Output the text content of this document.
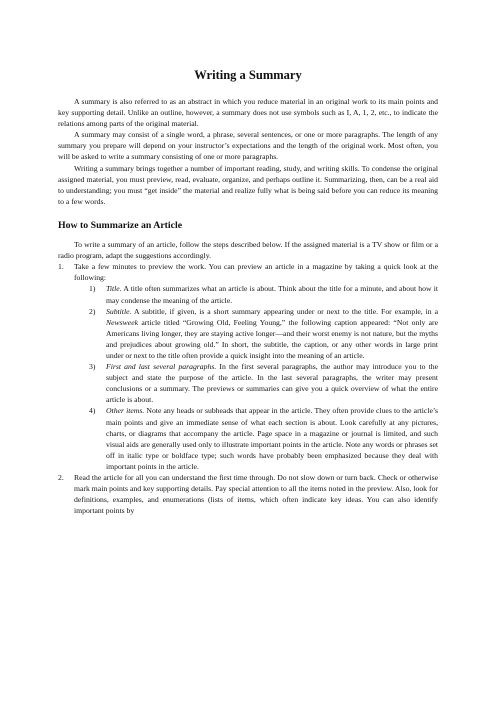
Writing a Summary

A summary is also referred to as an abstract in which you reduce material in an original work to its main points and key supporting detail. Unlike an outline, however, a summary does not use symbols such as I, A, 1, 2, etc., to indicate the relations among parts of the original material.

A summary may consist of a single word, a phrase, several sentences, or one or more paragraphs. The length of any summary you prepare will depend on your instructor’s expectations and the length of the original work. Most often, you will be asked to write a summary consisting of one or more paragraphs.

Writing a summary brings together a number of important reading, study, and writing skills. To condense the original assigned material, you must preview, read, evaluate, organize, and perhaps outline it. Summarizing, then, can be a real aid to understanding; you must “get inside” the material and realize fully what is being said before you can reduce its meaning to a few words.

How to Summarize an Article

To write a summary of an article, follow the steps described below. If the assigned material is a TV show or film or a radio program, adapt the suggestions accordingly.

1. Take a few minutes to preview the work. You can preview an article in a magazine by taking a quick look at the following:
1) Title. A title often summarizes what an article is about. Think about the title for a minute, and about how it may condense the meaning of the article.
2) Subtitle. A subtitle, if given, is a short summary appearing under or next to the title. For example, in a Newsweek article titled “Growing Old, Feeling Young,” the following caption appeared: “Not only are Americans living longer, they are staying active longer—and their worst enemy is not nature, but the myths and prejudices about growing old.” In short, the subtitle, the caption, or any other words in large print under or next to the title often provide a quick insight into the meaning of an article.
3) First and last several paragraphs. In the first several paragraphs, the author may introduce you to the subject and state the purpose of the article. In the last several paragraphs, the writer may present conclusions or a summary. The previews or summaries can give you a quick overview of what the entire article is about.
4) Other items. Note any heads or subheads that appear in the article. They often provide clues to the article’s main points and give an immediate sense of what each section is about. Look carefully at any pictures, charts, or diagrams that accompany the article. Page space in a magazine or journal is limited, and such visual aids are generally used only to illustrate important points in the article. Note any words or phrases set off in italic type or boldface type; such words have probably been emphasized because they deal with important points in the article.
2. Read the article for all you can understand the first time through. Do not slow down or turn back. Check or otherwise mark main points and key supporting details. Pay special attention to all the items noted in the preview. Also, look for definitions, examples, and enumerations (lists of items, which often indicate key ideas. You can also identify important points by
